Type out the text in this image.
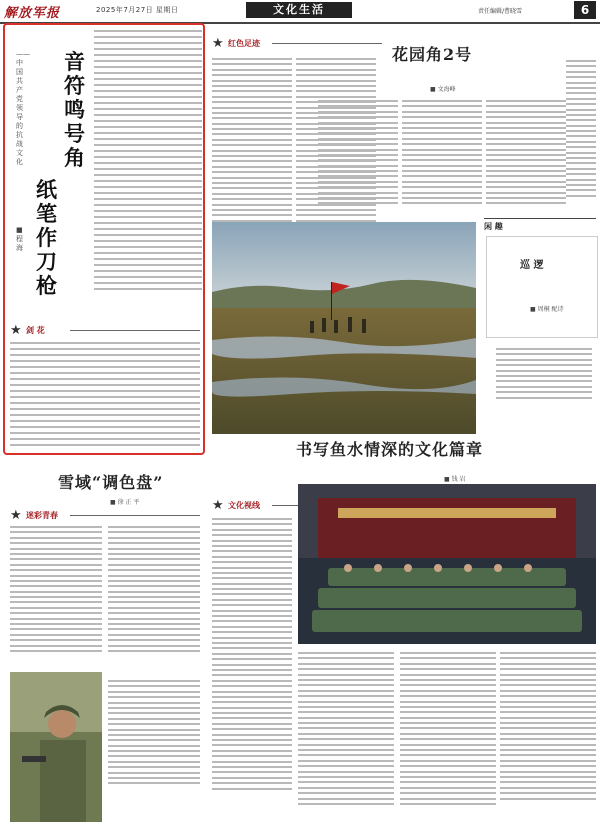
解放军报	2025年7月27日 星期日	文化生活	责任编辑/曹晓雪	6
音符鸣号角
纸笔作刀枪
——中国共产党领导的抗战文化
■ 程 海
★ 剑 花
★ 红色足迹
花园角2号
■ 文海峰
闲 趣
巡 逻
■ 周桐 配诗
书写鱼水情深的文化篇章
■ 钱 岩
雪域“调色盘”
■ 徐 正 平
★ 迷彩青春
★ 文化视线
